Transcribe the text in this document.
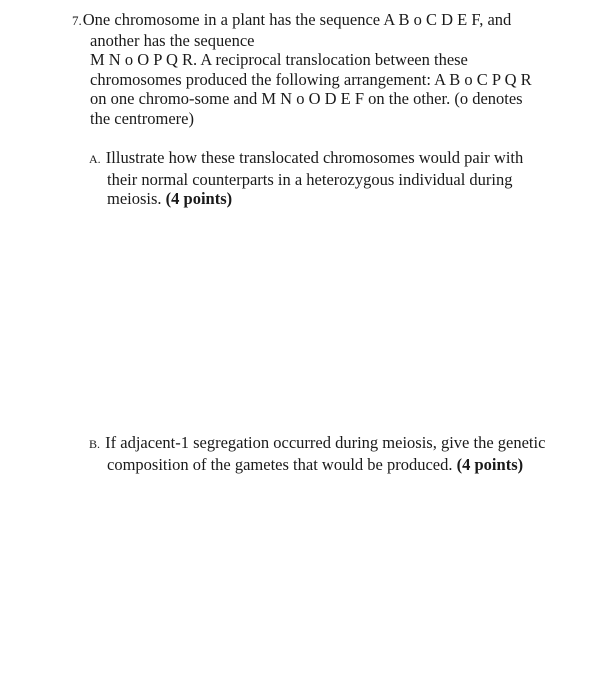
7.One chromosome in a plant has the sequence A B o C D E F, and
another has the sequence
M N o O P Q R. A reciprocal translocation between these
chromosomes produced the following arrangement: A B o C P Q R
on one chromo-some and M N o O D E F on the other. (o denotes
the centromere)
A. Illustrate how these translocated chromosomes would pair with
their normal counterparts in a heterozygous individual during
meiosis. (4 points)
B. If adjacent-1 segregation occurred during meiosis, give the genetic
composition of the gametes that would be produced. (4 points)
